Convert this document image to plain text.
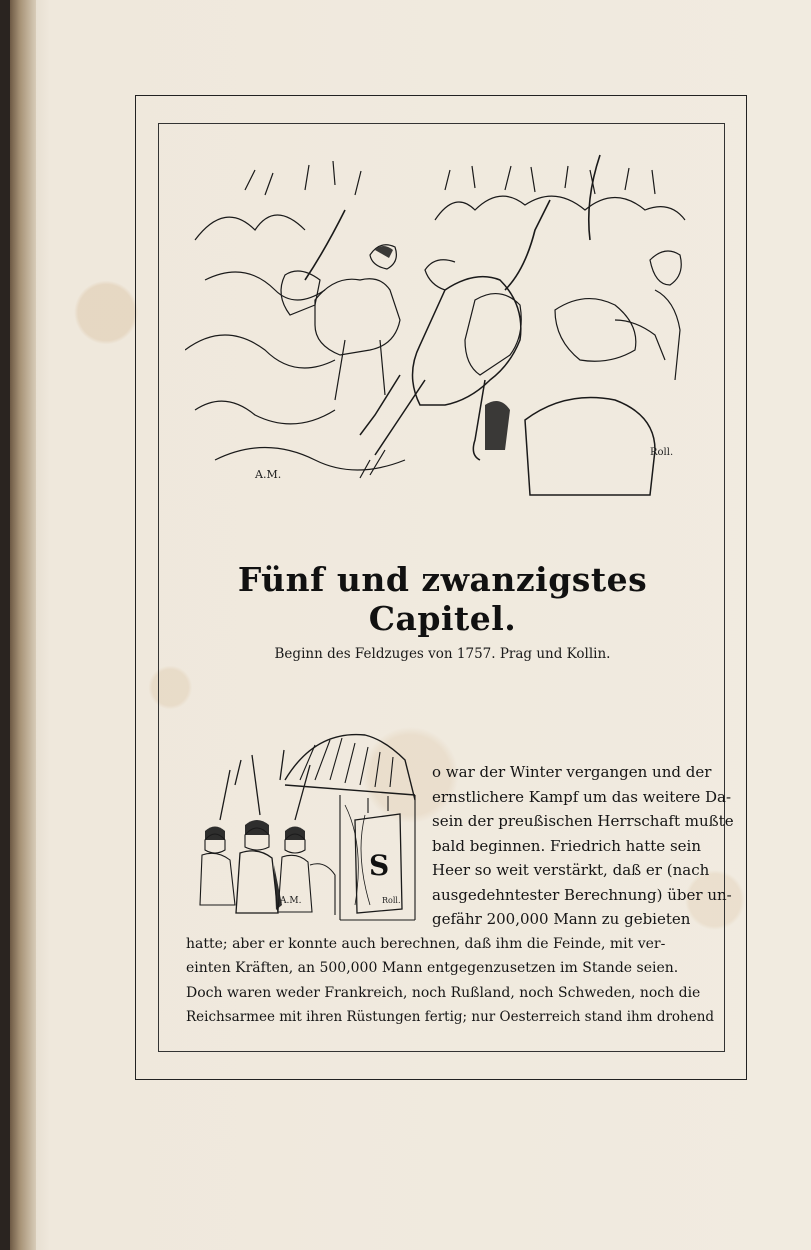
A.M.
Roll.
Fünf und zwanzigstes Capitel.
Beginn des Feldzuges von 1757. Prag und Kollin.
S
A.M.	Roll.
o war der Winter vergangen und der
ernstlichere Kampf um das weitere Da-
sein der preußischen Herrschaft mußte
bald beginnen. Friedrich hatte sein
Heer so weit verstärkt, daß er (nach
ausgedehntester Berechnung) über un-
gefähr 200,000 Mann zu gebieten
hatte; aber er konnte auch berechnen, daß ihm die Feinde, mit ver-
einten Kräften, an 500,000 Mann entgegenzusetzen im Stande seien.
Doch waren weder Frankreich, noch Rußland, noch Schweden, noch die
Reichsarmee mit ihren Rüstungen fertig; nur Oesterreich stand ihm drohend
